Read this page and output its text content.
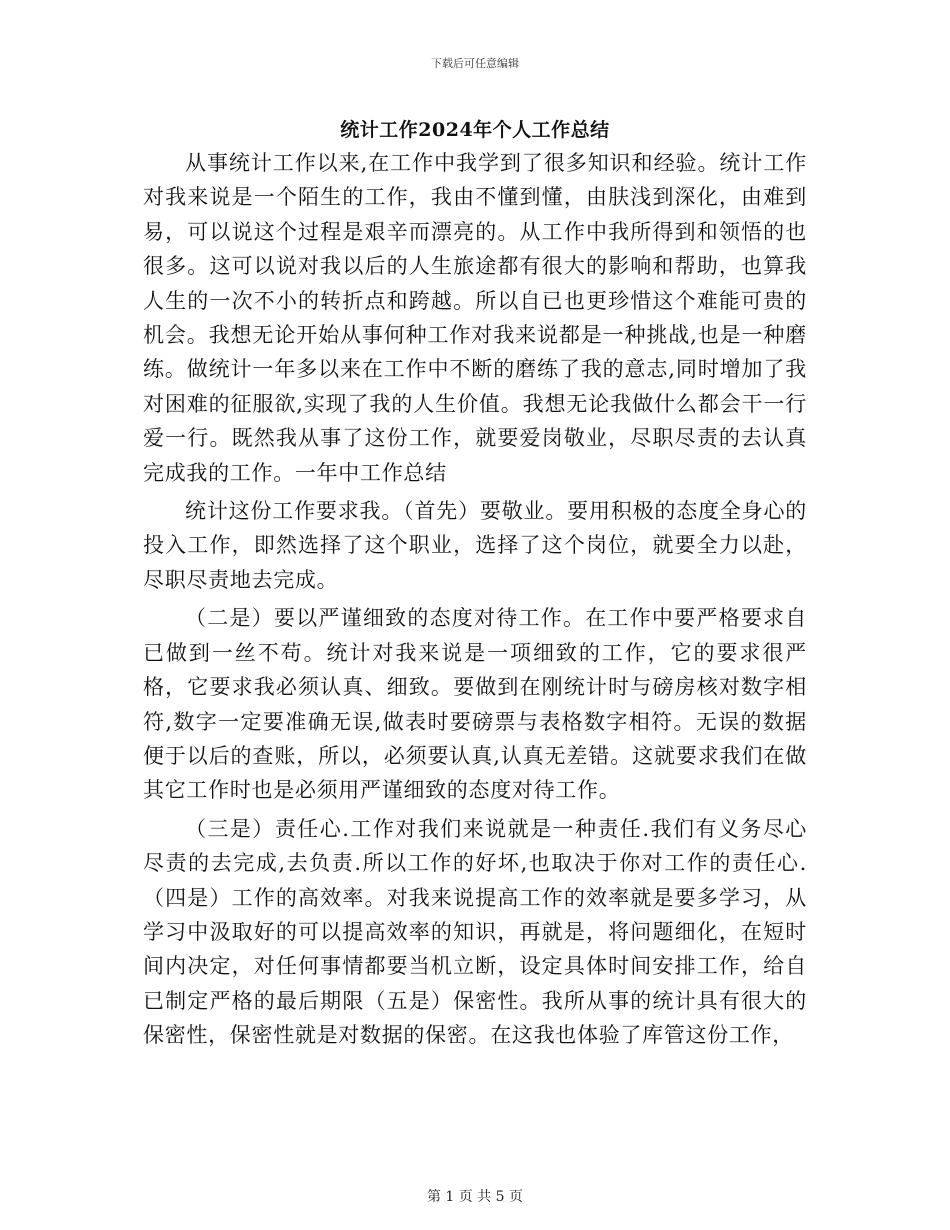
下载后可任意编辑
统计工作2024年个人工作总结

从事统计工作以来,在工作中我学到了很多知识和经验。统计工作对我来说是一个陌生的工作，我由不懂到懂，由肤浅到深化，由难到易，可以说这个过程是艰辛而漂亮的。从工作中我所得到和领悟的也很多。这可以说对我以后的人生旅途都有很大的影响和帮助，也算我人生的一次不小的转折点和跨越。所以自已也更珍惜这个难能可贵的机会。我想无论开始从事何种工作对我来说都是一种挑战,也是一种磨练。做统计一年多以来在工作中不断的磨练了我的意志,同时增加了我对困难的征服欲,实现了我的人生价值。我想无论我做什么都会干一行爱一行。既然我从事了这份工作，就要爱岗敬业，尽职尽责的去认真完成我的工作。一年中工作总结

统计这份工作要求我。（首先）要敬业。要用积极的态度全身心的投入工作，即然选择了这个职业，选择了这个岗位，就要全力以赴，尽职尽责地去完成。

（二是）要以严谨细致的态度对待工作。在工作中要严格要求自已做到一丝不苟。统计对我来说是一项细致的工作，它的要求很严格，它要求我必须认真、细致。要做到在刚统计时与磅房核对数字相符,数字一定要准确无误,做表时要磅票与表格数字相符。无误的数据便于以后的查账，所以，必须要认真,认真无差错。这就要求我们在做其它工作时也是必须用严谨细致的态度对待工作。

（三是）责任心.工作对我们来说就是一种责任.我们有义务尽心尽责的去完成,去负责.所以工作的好坏,也取决于你对工作的责任心.（四是）工作的高效率。对我来说提高工作的效率就是要多学习，从学习中汲取好的可以提高效率的知识，再就是，将问题细化，在短时间内决定，对任何事情都要当机立断，设定具体时间安排工作，给自已制定严格的最后期限（五是）保密性。我所从事的统计具有很大的保密性，保密性就是对数据的保密。在这我也体验了库管这份工作，

第 1 页 共 5 页
